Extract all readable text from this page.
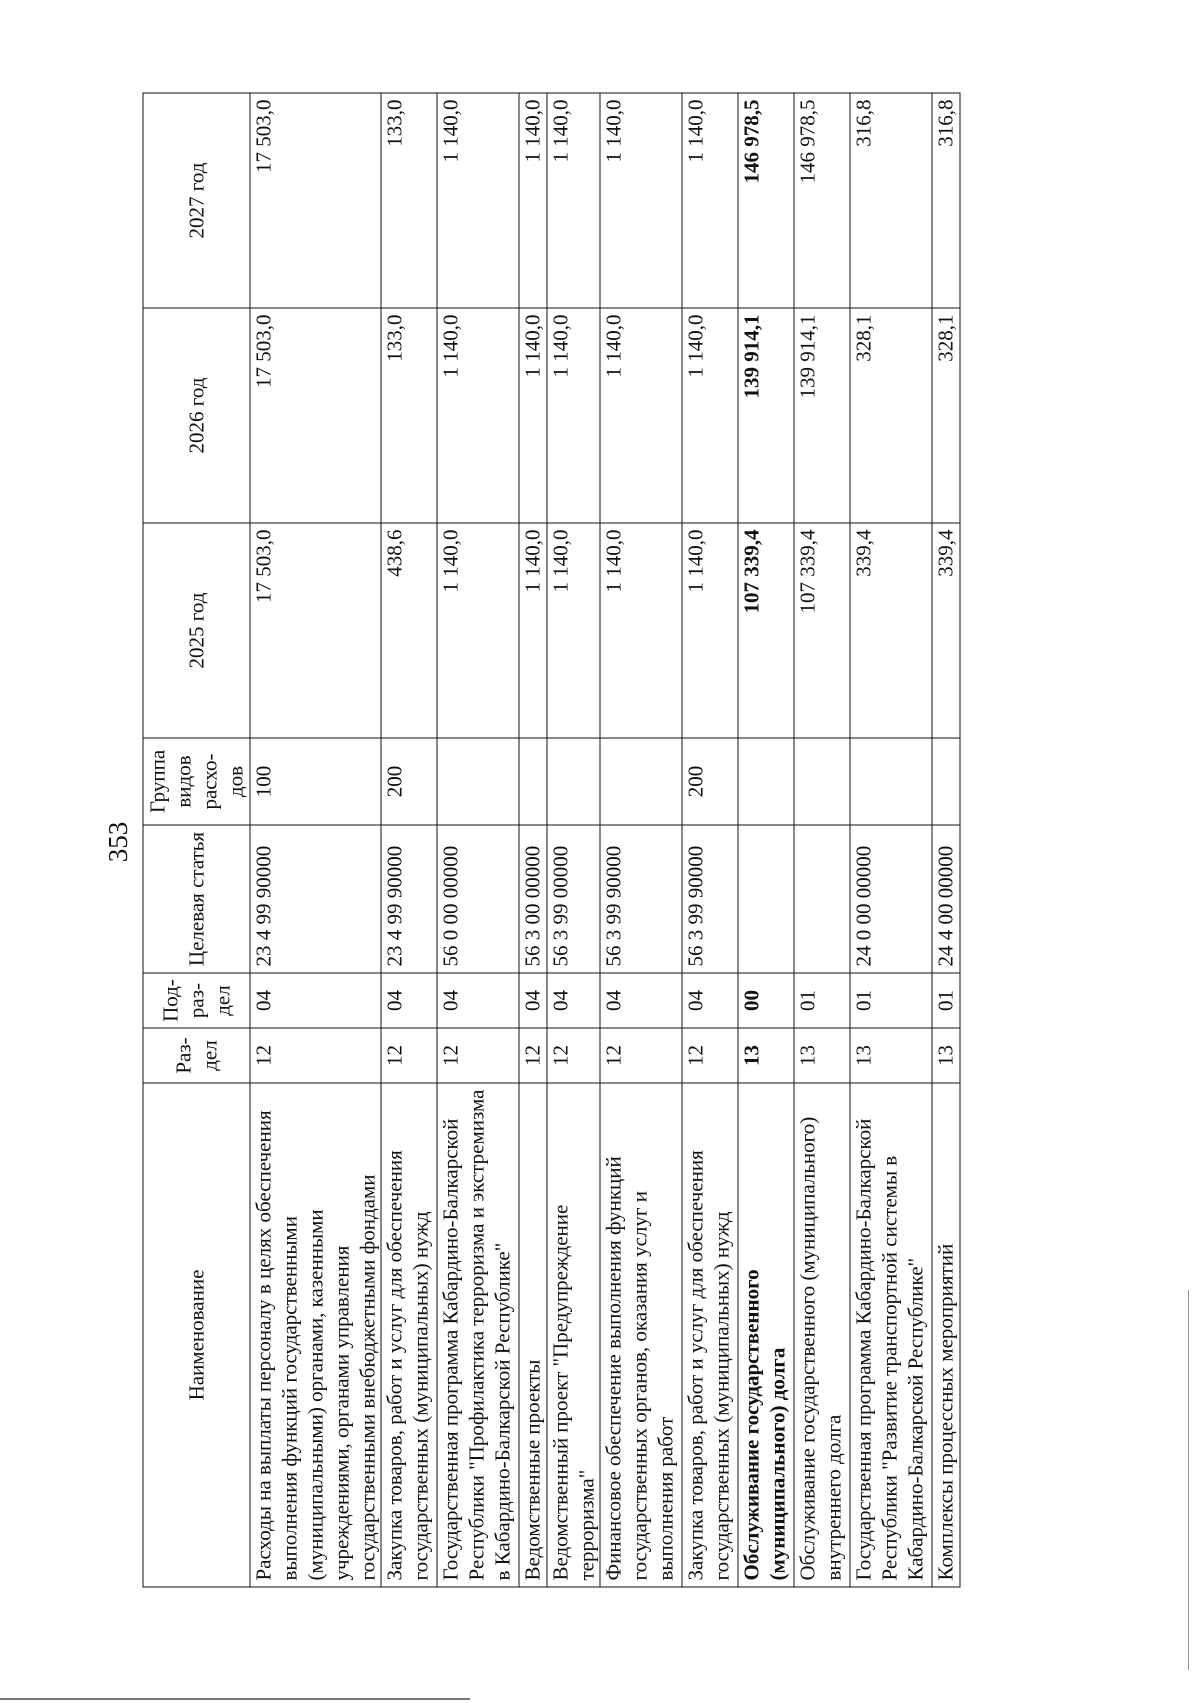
353
Наименование	Раз-дел	Под-раз-дел	Целевая статья	Группа видов расхо-дов	2025 год	2026 год	2027 год
Расходы на выплаты персоналу в целях обеспечения выполнения функций государственными (муниципальными) органами, казенными учреждениями, органами управления государственными внебюджетными фондами	12	04	23 4 99 90000	100	17 503,0	17 503,0	17 503,0
Закупка товаров, работ и услуг для обеспечения государственных (муниципальных) нужд	12	04	23 4 99 90000	200	438,6	133,0	133,0
Государственная программа Кабардино-Балкарской Республики "Профилактика терроризма и экстремизма в Кабардино-Балкарской Республике"	12	04	56 0 00 00000		1 140,0	1 140,0	1 140,0
Ведомственные проекты	12	04	56 3 00 00000		1 140,0	1 140,0	1 140,0
Ведомственный проект "Предупреждение терроризма"	12	04	56 3 99 00000		1 140,0	1 140,0	1 140,0
Финансовое обеспечение выполнения функций государственных органов, оказания услуг и выполнения работ	12	04	56 3 99 90000		1 140,0	1 140,0	1 140,0
Закупка товаров, работ и услуг для обеспечения государственных (муниципальных) нужд	12	04	56 3 99 90000	200	1 140,0	1 140,0	1 140,0
Обслуживание государственного (муниципального) долга	13	00			107 339,4	139 914,1	146 978,5
Обслуживание государственного (муниципального) внутреннего долга	13	01			107 339,4	139 914,1	146 978,5
Государственная программа Кабардино-Балкарской Республики "Развитие транспортной системы в Кабардино-Балкарской Республике"	13	01	24 0 00 00000		339,4	328,1	316,8
Комплексы процессных мероприятий	13	01	24 4 00 00000		339,4	328,1	316,8
